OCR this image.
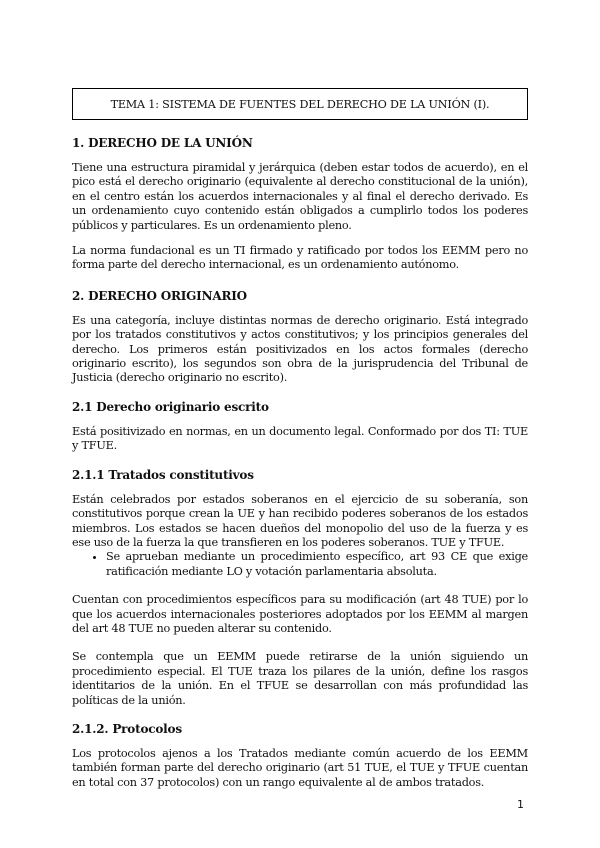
TEMA 1: SISTEMA DE FUENTES DEL DERECHO DE LA UNIÓN (I).
1. DERECHO DE LA UNIÓN

Tiene una estructura piramidal y jerárquica (deben estar todos de acuerdo), en el pico está el derecho originario (equivalente al derecho constitucional de la unión), en el centro están los acuerdos internacionales y al final el derecho derivado. Es un ordenamiento cuyo contenido están obligados a cumplirlo todos los poderes públicos y particulares. Es un ordenamiento pleno.

La norma fundacional es un TI firmado y ratificado por todos los EEMM pero no forma parte del derecho internacional, es un ordenamiento autónomo.

2. DERECHO ORIGINARIO

Es una categoría, incluye distintas normas de derecho originario. Está integrado por los tratados constitutivos y actos constitutivos; y los principios generales del derecho. Los primeros están positivizados en los actos formales (derecho originario escrito), los segundos son obra de la jurisprudencia del Tribunal de Justicia (derecho originario no escrito).

2.1 Derecho originario escrito

Está positivizado en normas, en un documento legal. Conformado por dos TI: TUE y TFUE.

2.1.1 Tratados constitutivos

Están celebrados por estados soberanos en el ejercicio de su soberanía, son constitutivos porque crean la UE y han recibido poderes soberanos de los estados miembros. Los estados se hacen dueños del monopolio del uso de la fuerza y es ese uso de la fuerza la que transfieren en los poderes soberanos. TUE y TFUE.

• Se aprueban mediante un procedimiento específico, art 93 CE que exige ratificación mediante LO y votación parlamentaria absoluta.

Cuentan con procedimientos específicos para su modificación (art 48 TUE) por lo que los acuerdos internacionales posteriores adoptados por los EEMM al margen del art 48 TUE no pueden alterar su contenido.

Se contempla que un EEMM puede retirarse de la unión siguiendo un procedimiento especial. El TUE traza los pilares de la unión, define los rasgos identitarios de la unión. En el TFUE se desarrollan con más profundidad las políticas de la unión.

2.1.2. Protocolos

Los protocolos ajenos a los Tratados mediante común acuerdo de los EEMM también forman parte del derecho originario (art 51 TUE, el TUE y TFUE cuentan en total con 37 protocolos) con un rango equivalente al de ambos tratados.

1
